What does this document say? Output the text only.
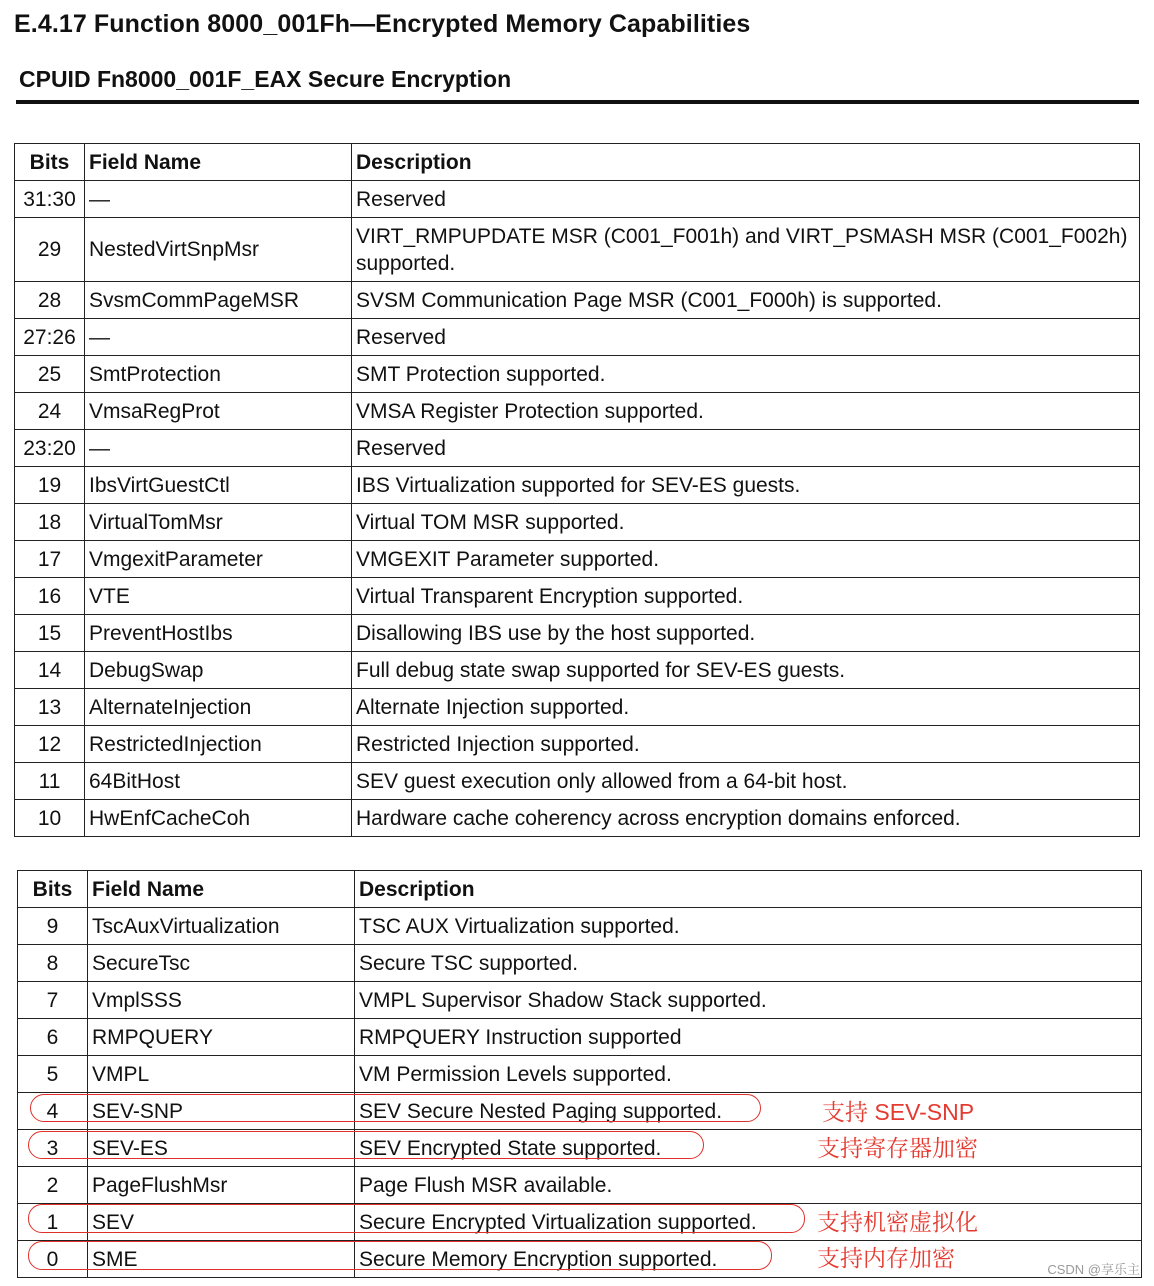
E.4.17 Function 8000_001Fh—Encrypted Memory Capabilities
CPUID Fn8000_001F_EAX Secure Encryption
Bits	Field Name	Description
31:30	—	Reserved
29	NestedVirtSnpMsr	VIRT_RMPUPDATE MSR (C001_F001h) and VIRT_PSMASH MSR (C001_F002h) supported.
28	SvsmCommPageMSR	SVSM Communication Page MSR (C001_F000h) is supported.
27:26	—	Reserved
25	SmtProtection	SMT Protection supported.
24	VmsaRegProt	VMSA Register Protection supported.
23:20	—	Reserved
19	IbsVirtGuestCtl	IBS Virtualization supported for SEV-ES guests.
18	VirtualTomMsr	Virtual TOM MSR supported.
17	VmgexitParameter	VMGEXIT Parameter supported.
16	VTE	Virtual Transparent Encryption supported.
15	PreventHostIbs	Disallowing IBS use by the host supported.
14	DebugSwap	Full debug state swap supported for SEV-ES guests.
13	AlternateInjection	Alternate Injection supported.
12	RestrictedInjection	Restricted Injection supported.
11	64BitHost	SEV guest execution only allowed from a 64-bit host.
10	HwEnfCacheCoh	Hardware cache coherency across encryption domains enforced.
Bits	Field Name	Description
9	TscAuxVirtualization	TSC AUX Virtualization supported.
8	SecureTsc	Secure TSC supported.
7	VmplSSS	VMPL Supervisor Shadow Stack supported.
6	RMPQUERY	RMPQUERY Instruction supported
5	VMPL	VM Permission Levels supported.
4	SEV-SNP	SEV Secure Nested Paging supported.
3	SEV-ES	SEV Encrypted State supported.
2	PageFlushMsr	Page Flush MSR available.
1	SEV	Secure Encrypted Virtualization supported.
0	SME	Secure Memory Encryption supported.
支持 SEV-SNP
支持寄存器加密
支持机密虚拟化
支持内存加密	CSDN @享乐主
